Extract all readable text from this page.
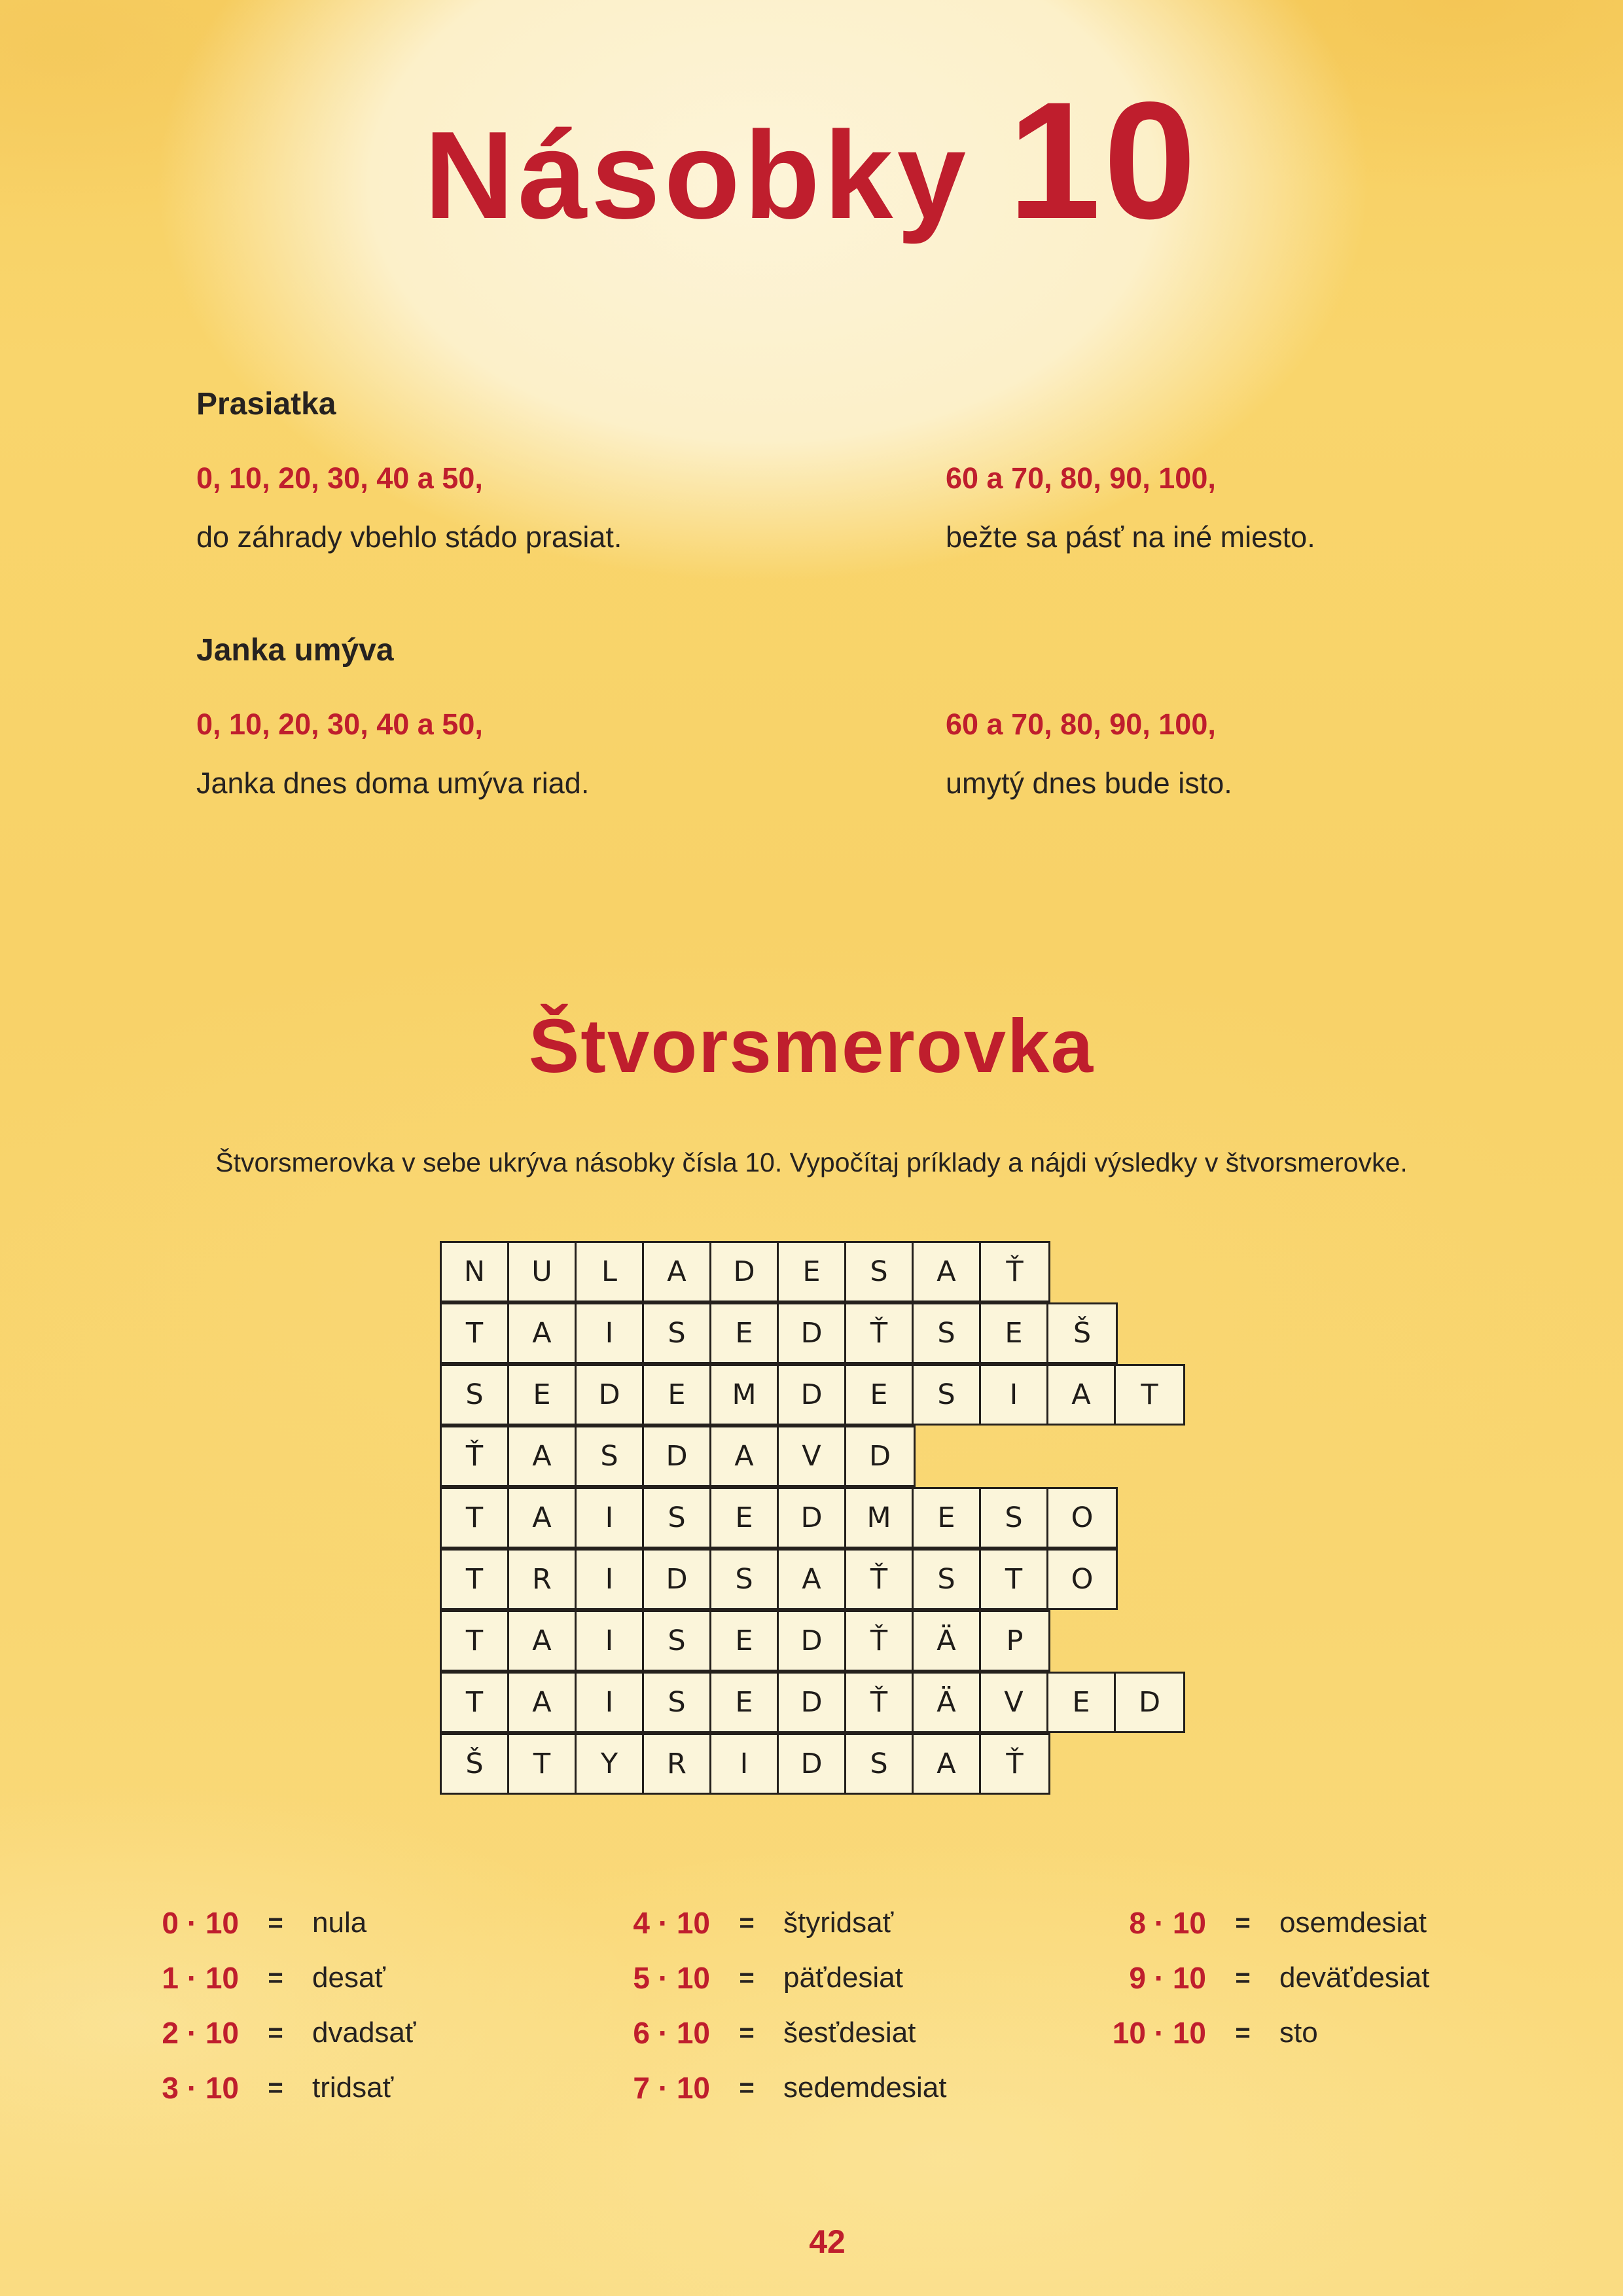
Násobky 10
Prasiatka
0, 10, 20, 30, 40 a 50,
do záhrady vbehlo stádo prasiat.
60 a 70, 80, 90, 100,
bežte sa pásť na iné miesto.
Janka umýva
0, 10, 20, 30, 40 a 50,
Janka dnes doma umýva riad.
60 a 70, 80, 90, 100,
umytý dnes bude isto.
Štvorsmerovka
Štvorsmerovka v sebe ukrýva násobky čísla 10. Vypočítaj príklady a nájdi výsledky v štvorsmerovke.
N	U	L	A	D	E	S	A	Ť
T	A	I	S	E	D	Ť	S	E	Š
S	E	D	E	M	D	E	S	I	A	T
Ť	A	S	D	A	V	D
T	A	I	S	E	D	M	E	S	O
T	R	I	D	S	A	Ť	S	T	O
T	A	I	S	E	D	Ť	Ä	P
T	A	I	S	E	D	Ť	Ä	V	E	D
Š	T	Y	R	I	D	S	A	Ť
0 · 10	=	nula
1 · 10	=	desať
2 · 10	=	dvadsať
3 · 10	=	tridsať
4 · 10	=	štyridsať
5 · 10	=	päťdesiat
6 · 10	=	šesťdesiat
7 · 10	=	sedemdesiat
8 · 10	=	osemdesiat
9 · 10	=	deväťdesiat
10 · 10	=	sto
42
